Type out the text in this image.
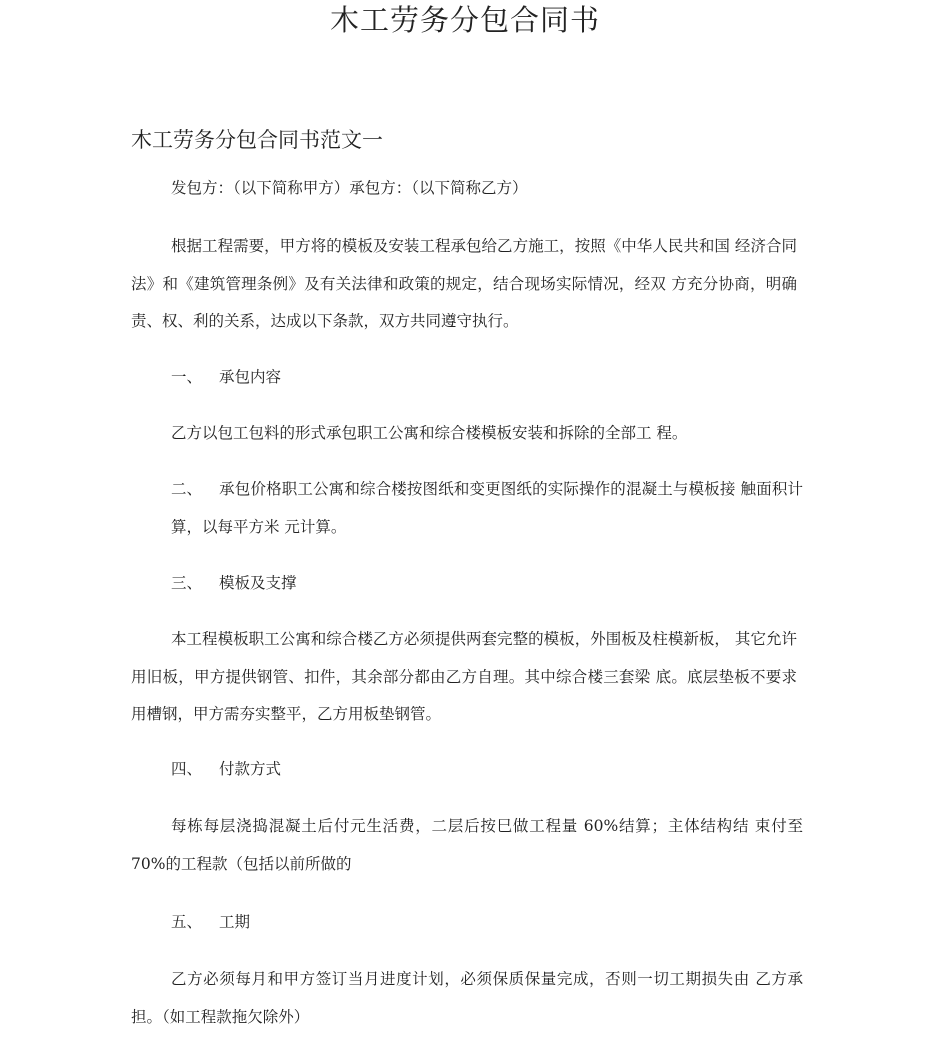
木工劳务分包合同书
木工劳务分包合同书范文一
发包方：（以下简称甲方）承包方：（以下简称乙方）
根据工程需要，甲方将的模板及安装工程承包给乙方施工，按照《中华人民共和国 经济合同法》和《建筑管理条例》及有关法律和政策的规定，结合现场实际情况，经双 方充分协商，明确责、权、利的关系，达成以下条款，双方共同遵守执行。
一、 承包内容
乙方以包工包料的形式承包职工公寓和综合楼模板安装和拆除的全部工 程。
二、 承包价格职工公寓和综合楼按图纸和变更图纸的实际操作的混凝土与模板接 触面积计算，以每平方米 元计算。
三、 模板及支撑
本工程模板职工公寓和综合楼乙方必须提供两套完整的模板，外围板及柱模新板， 其它允许用旧板，甲方提供钢管、扣件，其余部分都由乙方自理。其中综合楼三套梁 底。底层垫板不要求用槽钢，甲方需夯实整平，乙方用板垫钢管。
四、 付款方式
每栋每层浇捣混凝土后付元生活费，二层后按巳做工程量 60%结算；主体结构结 束付至 70%的工程款（包括以前所做的
五、 工期
乙方必须每月和甲方签订当月进度计划，必须保质保量完成，否则一切工期损失由 乙方承担。（如工程款拖欠除外）
